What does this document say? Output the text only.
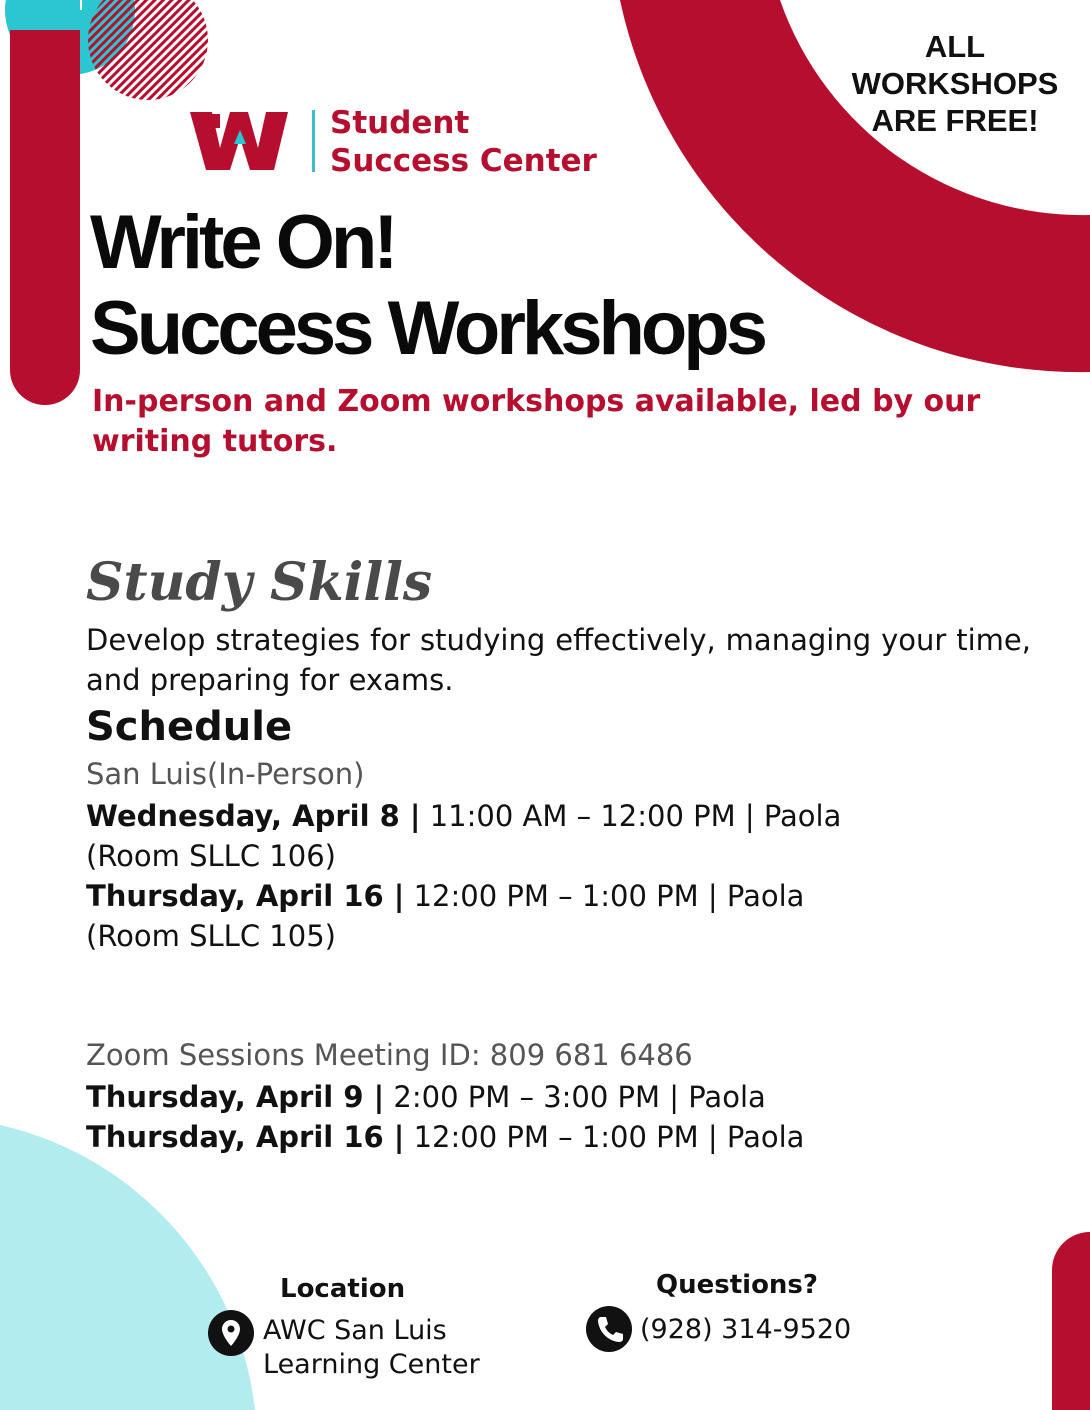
Student
Success Center
ALL
WORKSHOPS
ARE FREE!
Write On!
Success Workshops
In-person and Zoom workshops available, led by our writing tutors.
Study Skills
Develop strategies for studying effectively, managing your time, and preparing for exams.
Schedule
San Luis(In-Person)
Wednesday, April 8 | 11:00 AM – 12:00 PM | Paola
(Room SLLC 106)
Thursday, April 16 | 12:00 PM – 1:00 PM | Paola
(Room SLLC 105)
Zoom Sessions Meeting ID: 809 681 6486
Thursday, April 9 | 2:00 PM – 3:00 PM | Paola
Thursday, April 16 | 12:00 PM – 1:00 PM | Paola
Location
AWC San Luis
Learning Center
Questions?
(928) 314-9520
